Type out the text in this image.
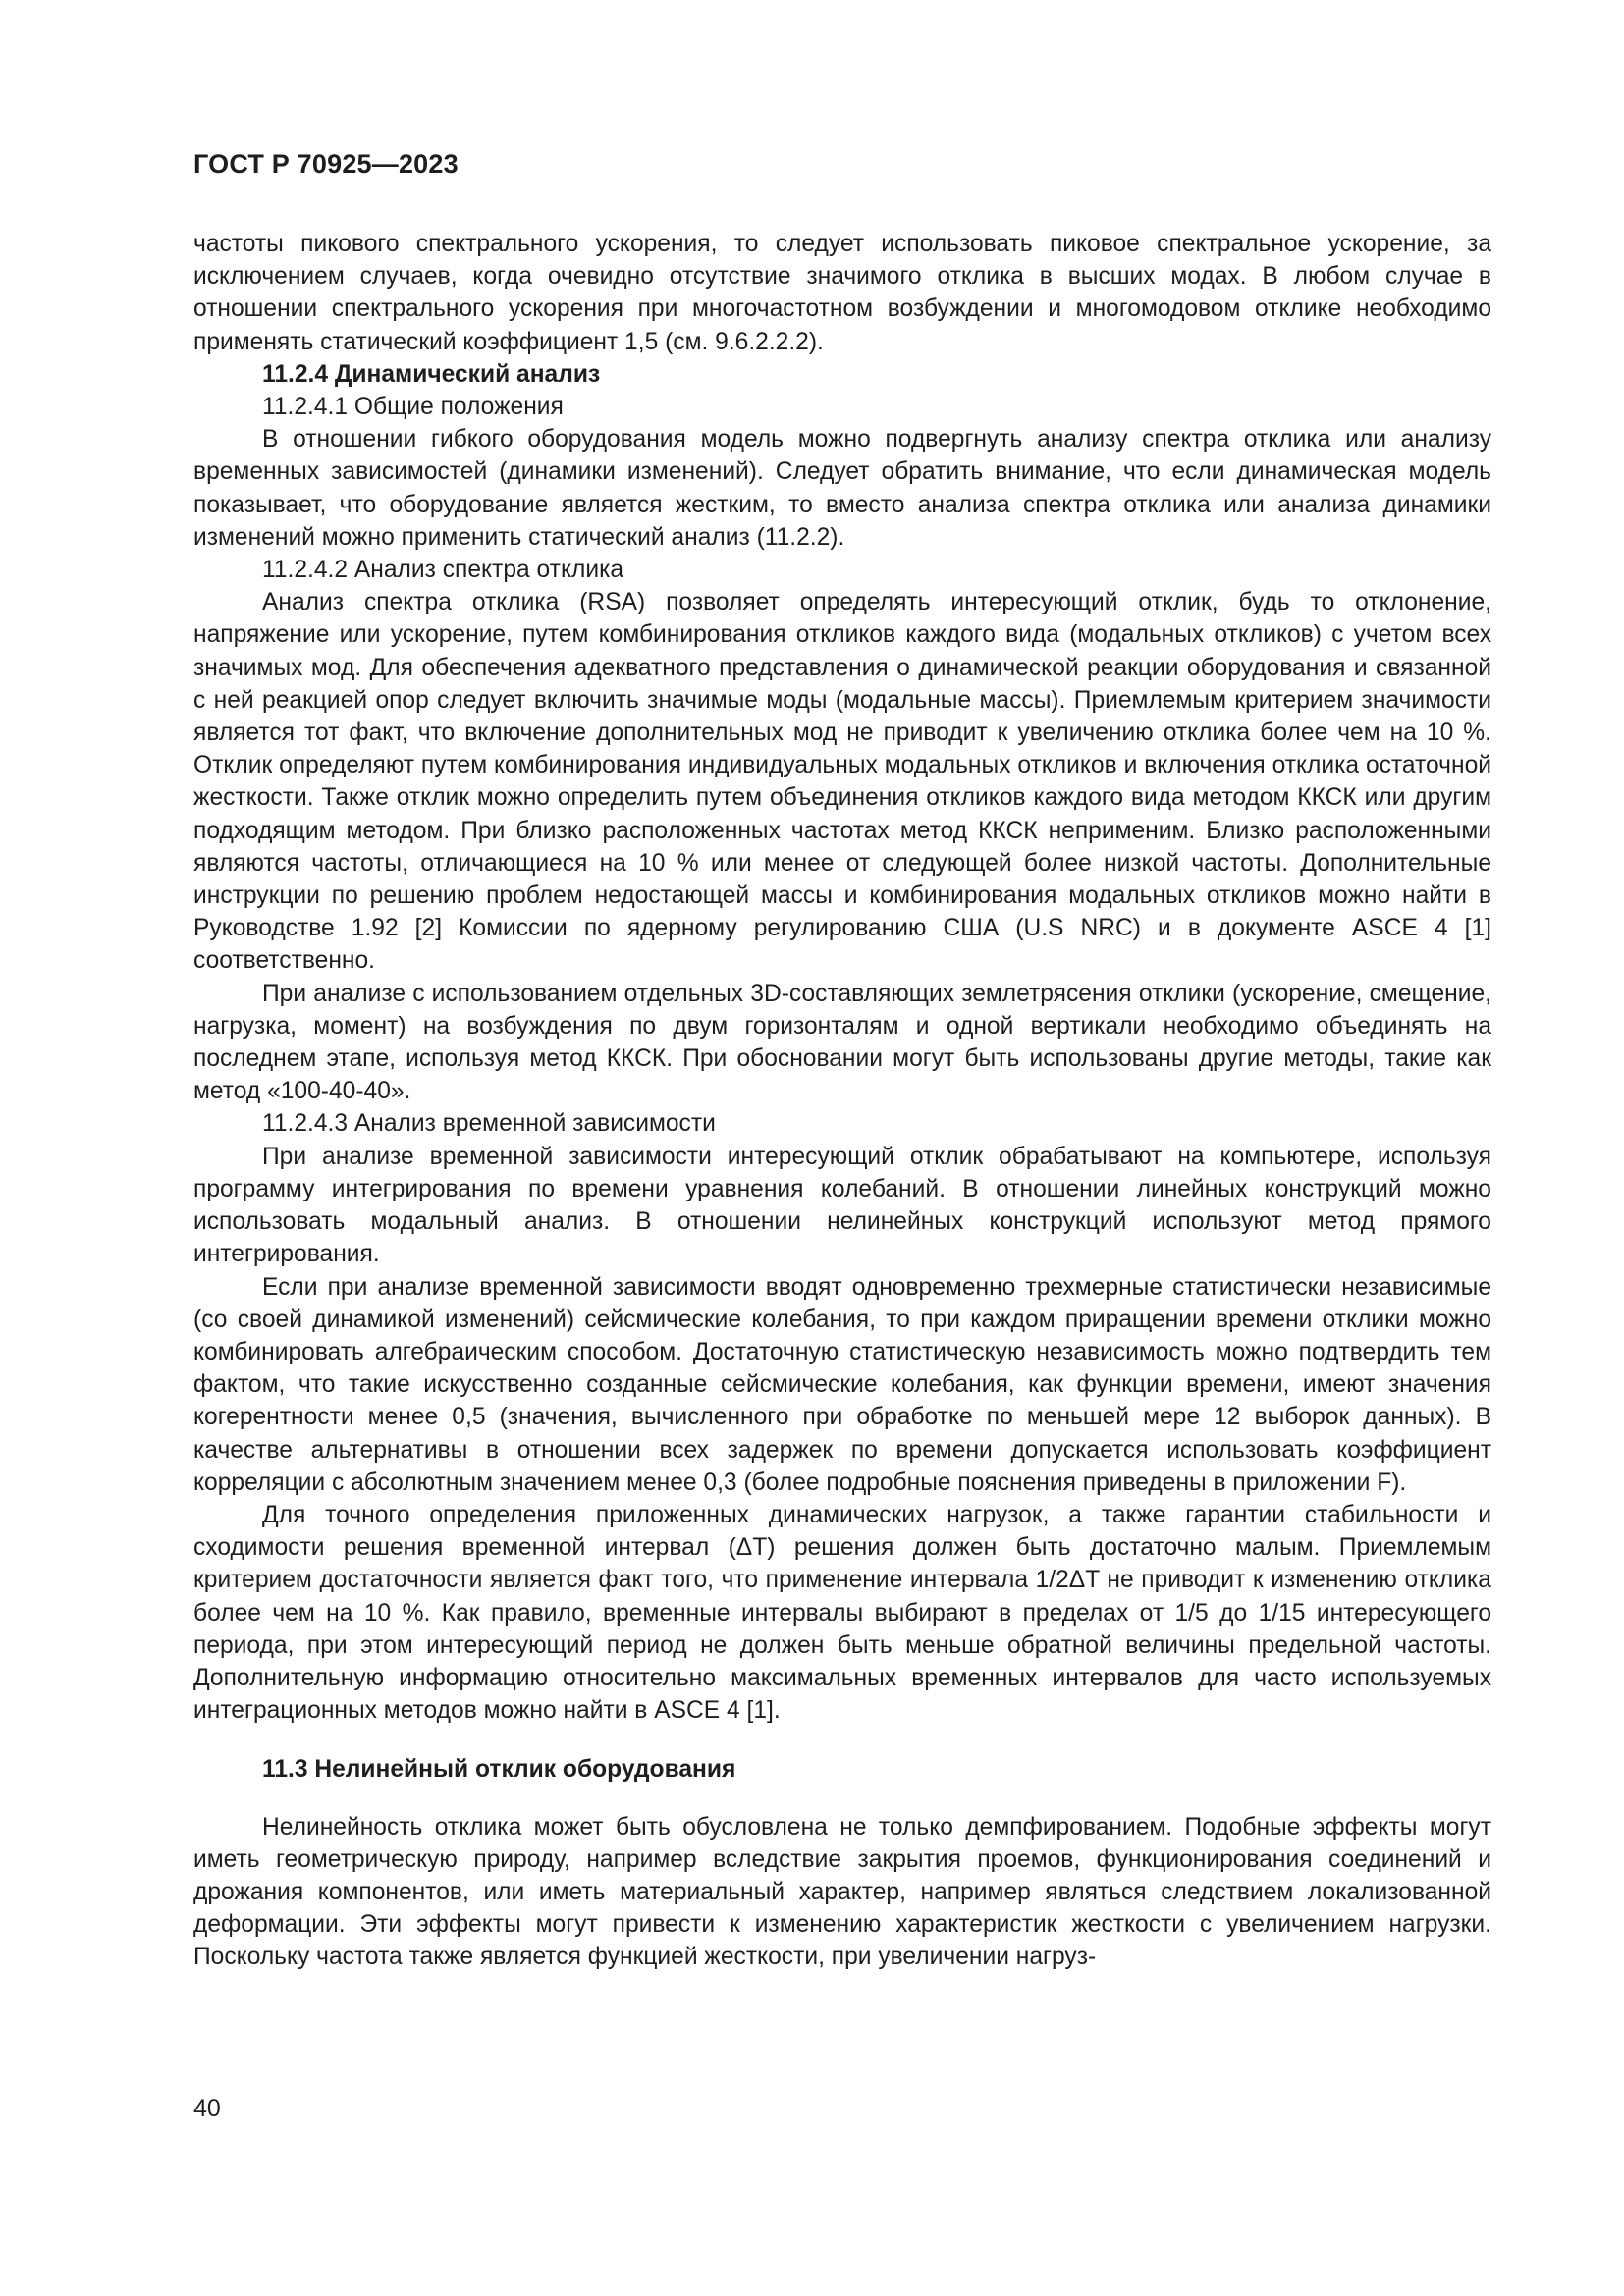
ГОСТ Р 70925—2023

частоты пикового спектрального ускорения, то следует использовать пиковое спектральное ускорение, за исключением случаев, когда очевидно отсутствие значимого отклика в высших модах. В любом случае в отношении спектрального ускорения при многочастотном возбуждении и многомодовом отклике необходимо применять статический коэффициент 1,5 (см. 9.6.2.2.2).

11.2.4 Динамический анализ

11.2.4.1 Общие положения

В отношении гибкого оборудования модель можно подвергнуть анализу спектра отклика или анализу временных зависимостей (динамики изменений). Следует обратить внимание, что если динамическая модель показывает, что оборудование является жестким, то вместо анализа спектра отклика или анализа динамики изменений можно применить статический анализ (11.2.2).

11.2.4.2 Анализ спектра отклика

Анализ спектра отклика (RSA) позволяет определять интересующий отклик, будь то отклонение, напряжение или ускорение, путем комбинирования откликов каждого вида (модальных откликов) с учетом всех значимых мод. Для обеспечения адекватного представления о динамической реакции оборудования и связанной с ней реакцией опор следует включить значимые моды (модальные массы). Приемлемым критерием значимости является тот факт, что включение дополнительных мод не приводит к увеличению отклика более чем на 10 %. Отклик определяют путем комбинирования индивидуальных модальных откликов и включения отклика остаточной жесткости. Также отклик можно определить путем объединения откликов каждого вида методом ККСК или другим подходящим методом. При близко расположенных частотах метод ККСК неприменим. Близко расположенными являются частоты, отличающиеся на 10 % или менее от следующей более низкой частоты. Дополнительные инструкции по решению проблем недостающей массы и комбинирования модальных откликов можно найти в Руководстве 1.92 [2] Комиссии по ядерному регулированию США (U.S NRC) и в документе ASCE 4 [1] соответственно.

При анализе с использованием отдельных 3D-составляющих землетрясения отклики (ускорение, смещение, нагрузка, момент) на возбуждения по двум горизонталям и одной вертикали необходимо объединять на последнем этапе, используя метод ККСК. При обосновании могут быть использованы другие методы, такие как метод «100-40-40».

11.2.4.3 Анализ временной зависимости

При анализе временной зависимости интересующий отклик обрабатывают на компьютере, используя программу интегрирования по времени уравнения колебаний. В отношении линейных конструкций можно использовать модальный анализ. В отношении нелинейных конструкций используют метод прямого интегрирования.

Если при анализе временной зависимости вводят одновременно трехмерные статистически независимые (со своей динамикой изменений) сейсмические колебания, то при каждом приращении времени отклики можно комбинировать алгебраическим способом. Достаточную статистическую независимость можно подтвердить тем фактом, что такие искусственно созданные сейсмические колебания, как функции времени, имеют значения когерентности менее 0,5 (значения, вычисленного при обработке по меньшей мере 12 выборок данных). В качестве альтернативы в отношении всех задержек по времени допускается использовать коэффициент корреляции с абсолютным значением менее 0,3 (более подробные пояснения приведены в приложении F).

Для точного определения приложенных динамических нагрузок, а также гарантии стабильности и сходимости решения временной интервал (ΔT) решения должен быть достаточно малым. Приемлемым критерием достаточности является факт того, что применение интервала 1/2ΔT не приводит к изменению отклика более чем на 10 %. Как правило, временные интервалы выбирают в пределах от 1/5 до 1/15 интересующего периода, при этом интересующий период не должен быть меньше обратной величины предельной частоты. Дополнительную информацию относительно максимальных временных интервалов для часто используемых интеграционных методов можно найти в ASCE 4 [1].

11.3 Нелинейный отклик оборудования

Нелинейность отклика может быть обусловлена не только демпфированием. Подобные эффекты могут иметь геометрическую природу, например вследствие закрытия проемов, функционирования соединений и дрожания компонентов, или иметь материальный характер, например являться следствием локализованной деформации. Эти эффекты могут привести к изменению характеристик жесткости с увеличением нагрузки. Поскольку частота также является функцией жесткости, при увеличении нагруз-

40
